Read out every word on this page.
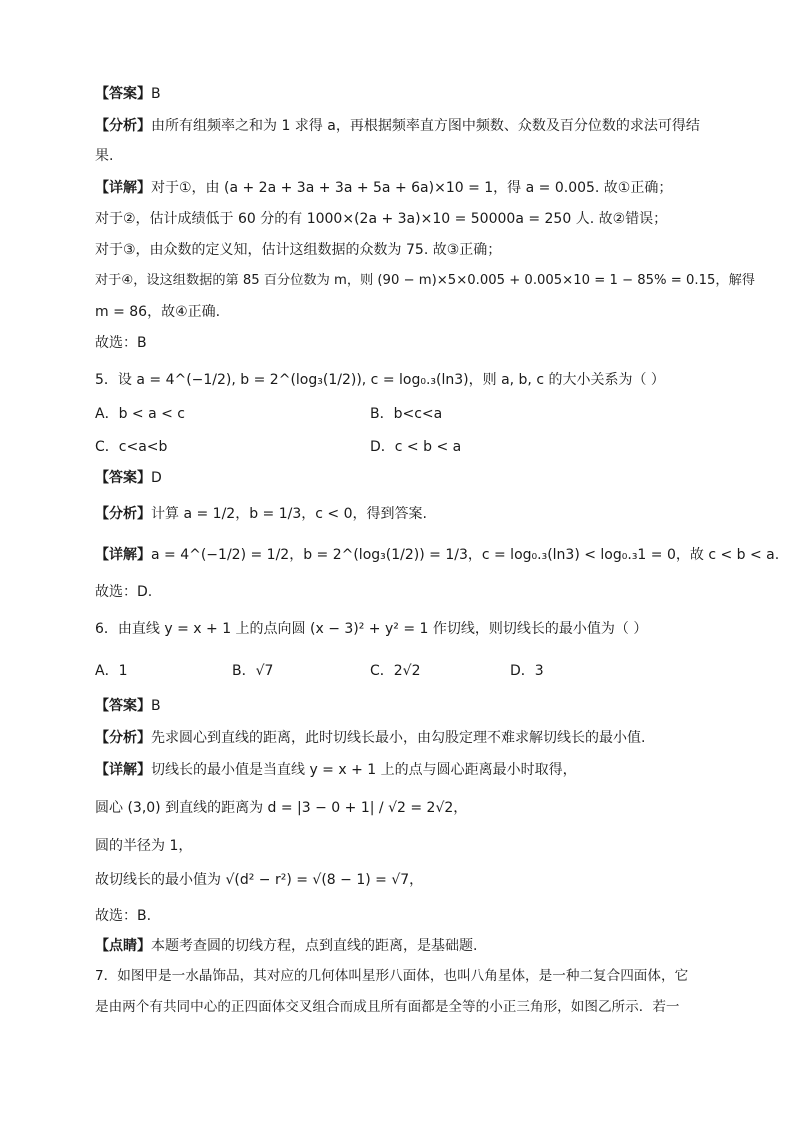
【答案】B
【分析】由所有组频率之和为 1 求得 a，再根据频率直方图中频数、众数及百分位数的求法可得结
果.
【详解】对于①，由 (a + 2a + 3a + 3a + 5a + 6a)×10 = 1，得 a = 0.005. 故①正确；
对于②，估计成绩低于 60 分的有 1000×(2a + 3a)×10 = 50000a = 250 人. 故②错误；
对于③，由众数的定义知，估计这组数据的众数为 75. 故③正确；
对于④，设这组数据的第 85 百分位数为 m，则 (90 − m)×5×0.005 + 0.005×10 = 1 − 85% = 0.15，解得
m = 86，故④正确.
故选：B
5．设 a = 4^(−1/2), b = 2^(log₃(1/2)), c = log₀.₃(ln3)，则 a, b, c 的大小关系为（ ）
A．b < a < c	B．b<c<a
C．c<a<b	D．c < b < a
【答案】D
【分析】计算 a = 1/2，b = 1/3，c < 0，得到答案.
【详解】a = 4^(−1/2) = 1/2，b = 2^(log₃(1/2)) = 1/3，c = log₀.₃(ln3) < log₀.₃1 = 0，故 c < b < a.
故选：D.
6．由直线 y = x + 1 上的点向圆 (x − 3)² + y² = 1 作切线，则切线长的最小值为（ ）
A．1	B．√7	C．2√2	D．3
【答案】B
【分析】先求圆心到直线的距离，此时切线长最小，由勾股定理不难求解切线长的最小值.
【详解】切线长的最小值是当直线 y = x + 1 上的点与圆心距离最小时取得，
圆心 (3,0) 到直线的距离为 d = |3 − 0 + 1| / √2 = 2√2，
圆的半径为 1，
故切线长的最小值为 √(d² − r²) = √(8 − 1) = √7，
故选：B.
【点睛】本题考查圆的切线方程，点到直线的距离，是基础题.
7．如图甲是一水晶饰品，其对应的几何体叫星形八面体，也叫八角星体，是一种二复合四面体，它
是由两个有共同中心的正四面体交叉组合而成且所有面都是全等的小正三角形，如图乙所示．若一
